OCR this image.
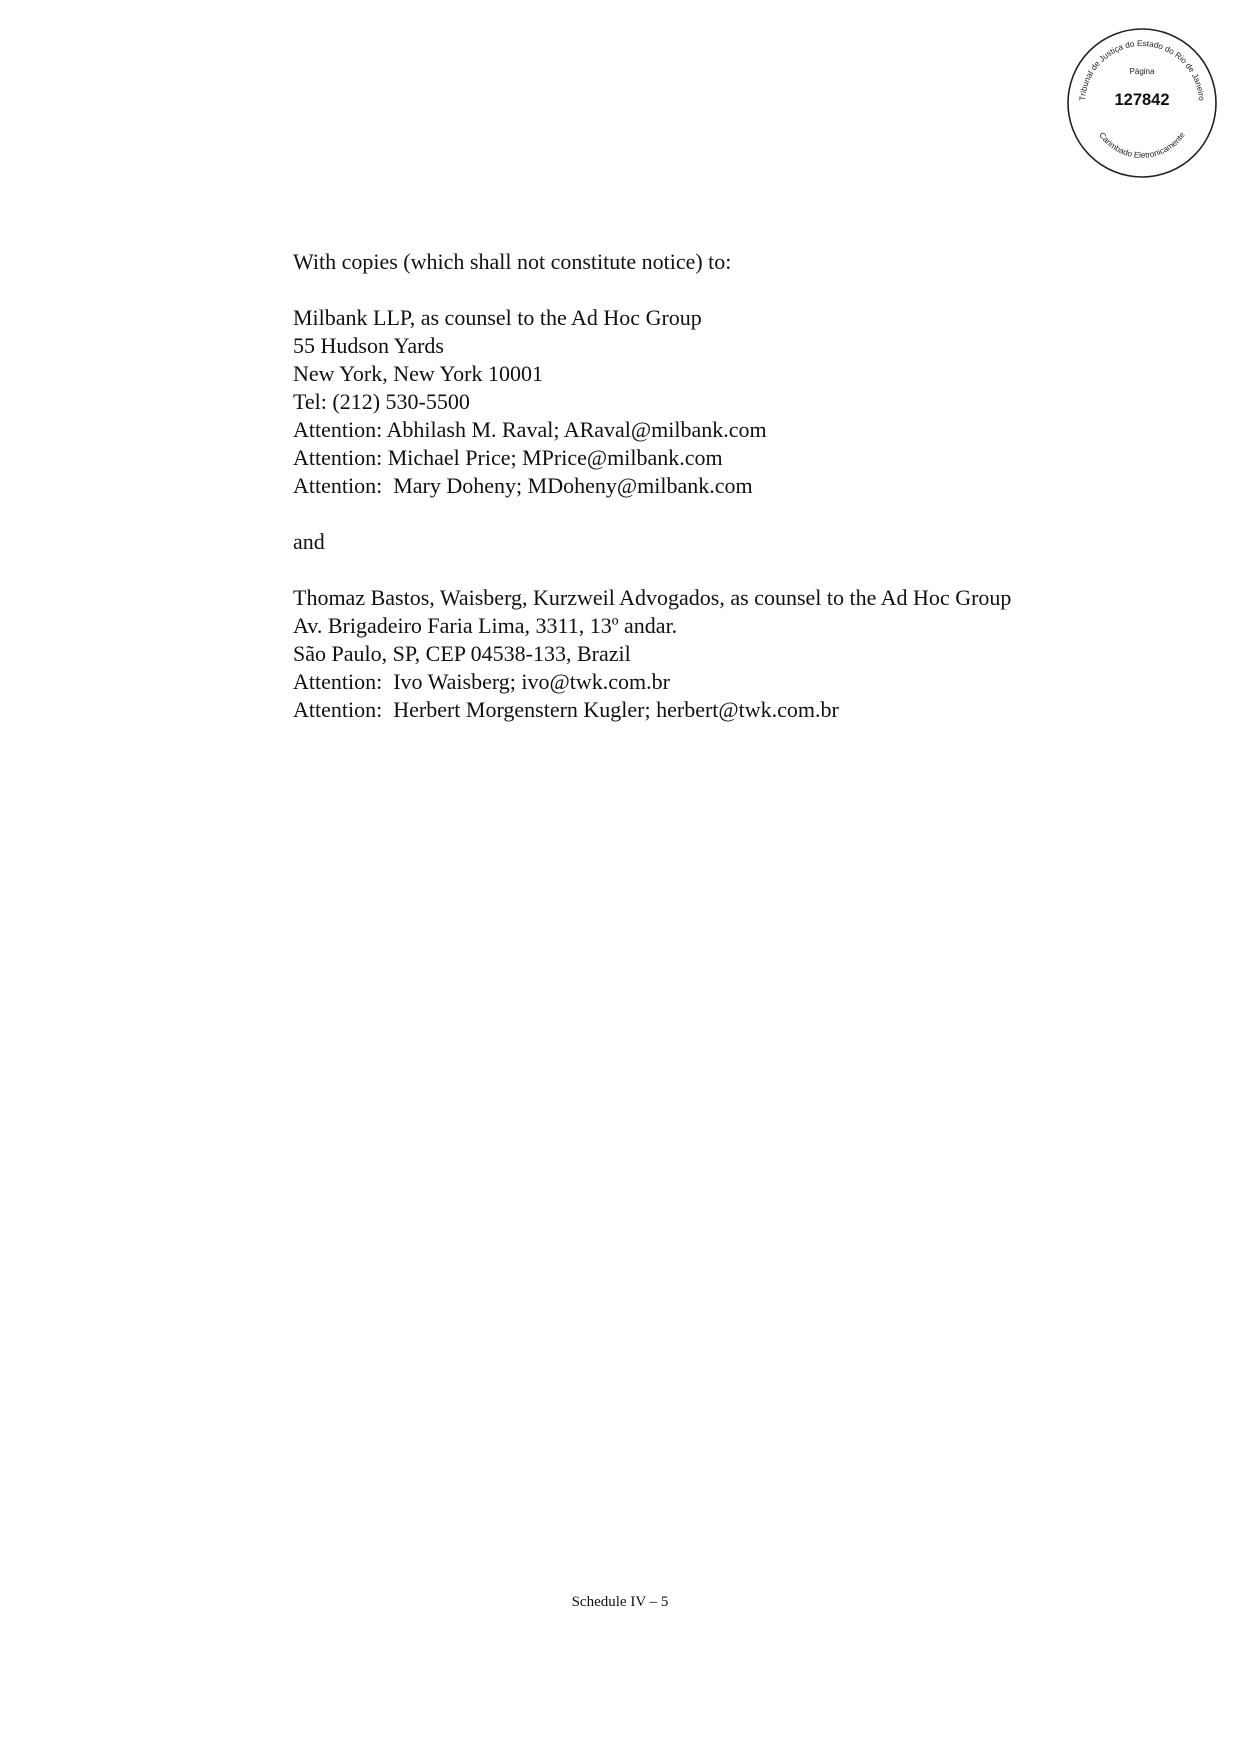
Tribunal de Justiça do Estado do Rio de Janeiro
Carimbado Eletronicamente
Página
127842

With copies (which shall not constitute notice) to:

Milbank LLP, as counsel to the Ad Hoc Group
55 Hudson Yards
New York, New York 10001
Tel: (212) 530-5500
Attention: Abhilash M. Raval; ARaval@milbank.com
Attention: Michael Price; MPrice@milbank.com
Attention:  Mary Doheny; MDoheny@milbank.com

and

Thomaz Bastos, Waisberg, Kurzweil Advogados, as counsel to the Ad Hoc Group
Av. Brigadeiro Faria Lima, 3311, 13º andar.
São Paulo, SP, CEP 04538-133, Brazil
Attention:  Ivo Waisberg; ivo@twk.com.br
Attention:  Herbert Morgenstern Kugler; herbert@twk.com.br
Schedule IV – 5
